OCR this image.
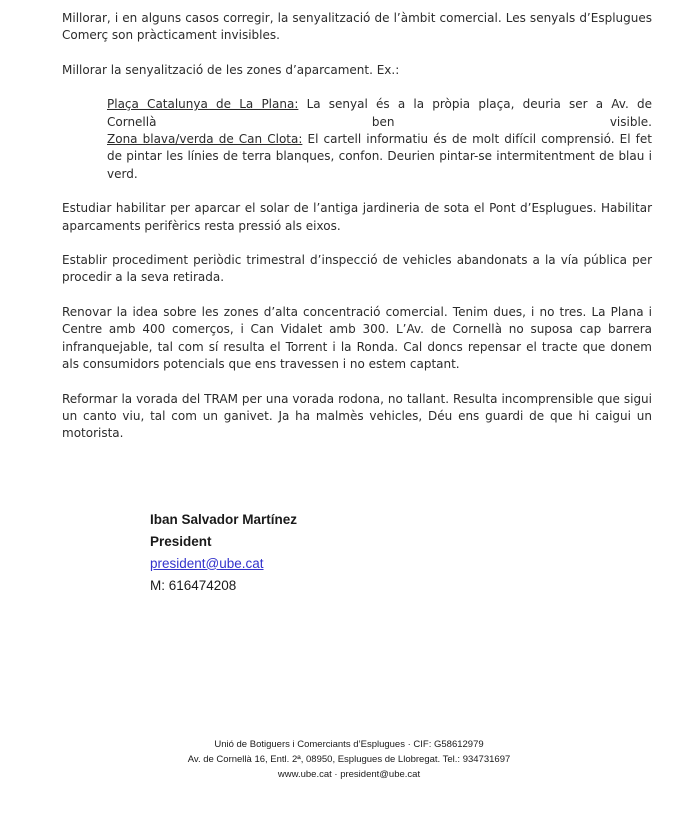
Millorar, i en alguns casos corregir, la senyalització de l’àmbit comercial. Les senyals d’Esplugues Comerç son pràcticament invisibles.

Millorar la senyalització de les zones d’aparcament. Ex.:

Plaça Catalunya de La Plana: La senyal és a la pròpia plaça, deuria ser a Av. de
Cornellà	ben	visible.
Zona blava/verda de Can Clota: El cartell informatiu és de molt difícil comprensió. El fet de pintar les línies de terra blanques, confon. Deurien pintar-se intermitentment de blau i verd.

Estudiar habilitar per aparcar el solar de l’antiga jardineria de sota el Pont d’Esplugues. Habilitar aparcaments perifèrics resta pressió als eixos.

Establir procediment periòdic trimestral d’inspecció de vehicles abandonats a la vía pública per procedir a la seva retirada.

Renovar la idea sobre les zones d’alta concentració comercial. Tenim dues, i no tres. La Plana i Centre amb 400 comerços, i Can Vidalet amb 300. L’Av. de Cornellà no suposa cap barrera infranquejable, tal com sí resulta el Torrent i la Ronda. Cal doncs repensar el tracte que donem als consumidors potencials que ens travessen i no estem captant.

Reformar la vorada del TRAM per una vorada rodona, no tallant. Resulta incomprensible que sigui un canto viu, tal com un ganivet. Ja ha malmès vehicles, Déu ens guardi de que hi caigui un motorista.

Iban Salvador Martínez
President
president@ube.cat
M: 616474208
Unió de Botiguers i Comerciants d’Esplugues · CIF: G58612979
Av. de Cornellà 16, Entl. 2ª, 08950, Esplugues de Llobregat. Tel.: 934731697
www.ube.cat · president@ube.cat
